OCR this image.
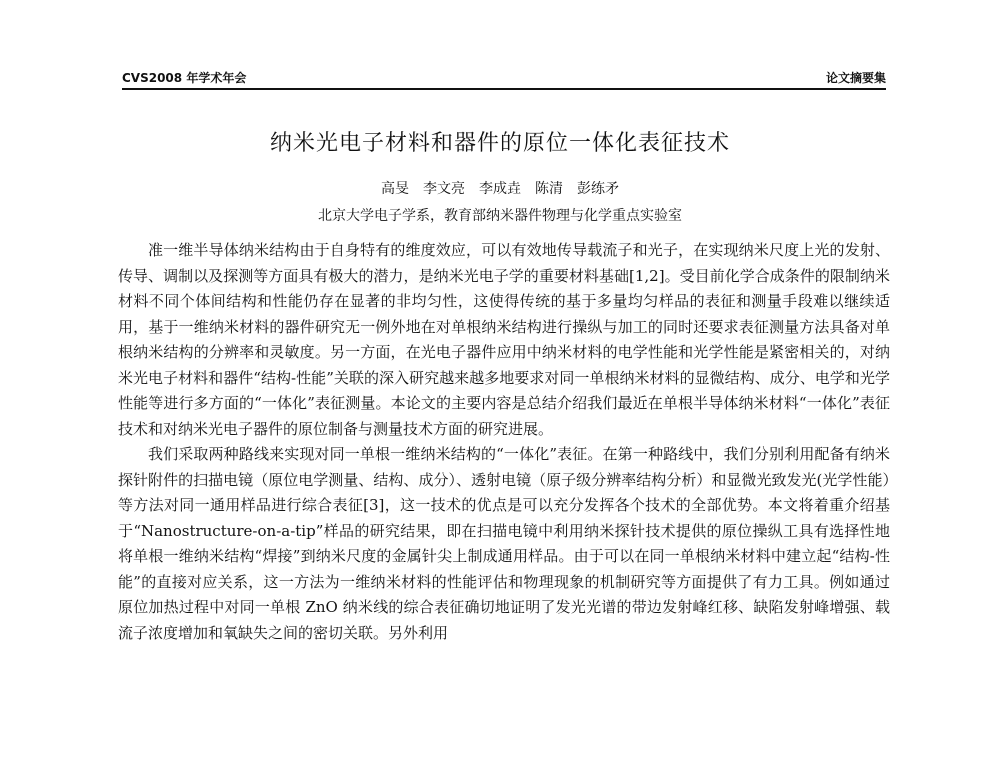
CVS2008 年学术年会	论文摘要集
纳米光电子材料和器件的原位一体化表征技术
高旻　李文亮　李成垚　陈清　彭练矛
北京大学电子学系，教育部纳米器件物理与化学重点实验室

准一维半导体纳米结构由于自身特有的维度效应，可以有效地传导载流子和光子，在实现纳米尺度上光的发射、传导、调制以及探测等方面具有极大的潜力，是纳米光电子学的重要材料基础[1,2]。受目前化学合成条件的限制纳米材料不同个体间结构和性能仍存在显著的非均匀性，这使得传统的基于多量均匀样品的表征和测量手段难以继续适用，基于一维纳米材料的器件研究无一例外地在对单根纳米结构进行操纵与加工的同时还要求表征测量方法具备对单根纳米结构的分辨率和灵敏度。另一方面，在光电子器件应用中纳米材料的电学性能和光学性能是紧密相关的，对纳米光电子材料和器件“结构-性能”关联的深入研究越来越多地要求对同一单根纳米材料的显微结构、成分、电学和光学性能等进行多方面的“一体化”表征测量。本论文的主要内容是总结介绍我们最近在单根半导体纳米材料“一体化”表征技术和对纳米光电子器件的原位制备与测量技术方面的研究进展。

我们采取两种路线来实现对同一单根一维纳米结构的“一体化”表征。在第一种路线中，我们分别利用配备有纳米探针附件的扫描电镜（原位电学测量、结构、成分）、透射电镜（原子级分辨率结构分析）和显微光致发光(光学性能）等方法对同一通用样品进行综合表征[3]，这一技术的优点是可以充分发挥各个技术的全部优势。本文将着重介绍基于“Nanostructure-on-a-tip”样品的研究结果，即在扫描电镜中利用纳米探针技术提供的原位操纵工具有选择性地将单根一维纳米结构“焊接”到纳米尺度的金属针尖上制成通用样品。由于可以在同一单根纳米材料中建立起“结构-性能”的直接对应关系，这一方法为一维纳米材料的性能评估和物理现象的机制研究等方面提供了有力工具。例如通过原位加热过程中对同一单根 ZnO 纳米线的综合表征确切地证明了发光光谱的带边发射峰红移、缺陷发射峰增强、载流子浓度增加和氧缺失之间的密切关联。另外利用
